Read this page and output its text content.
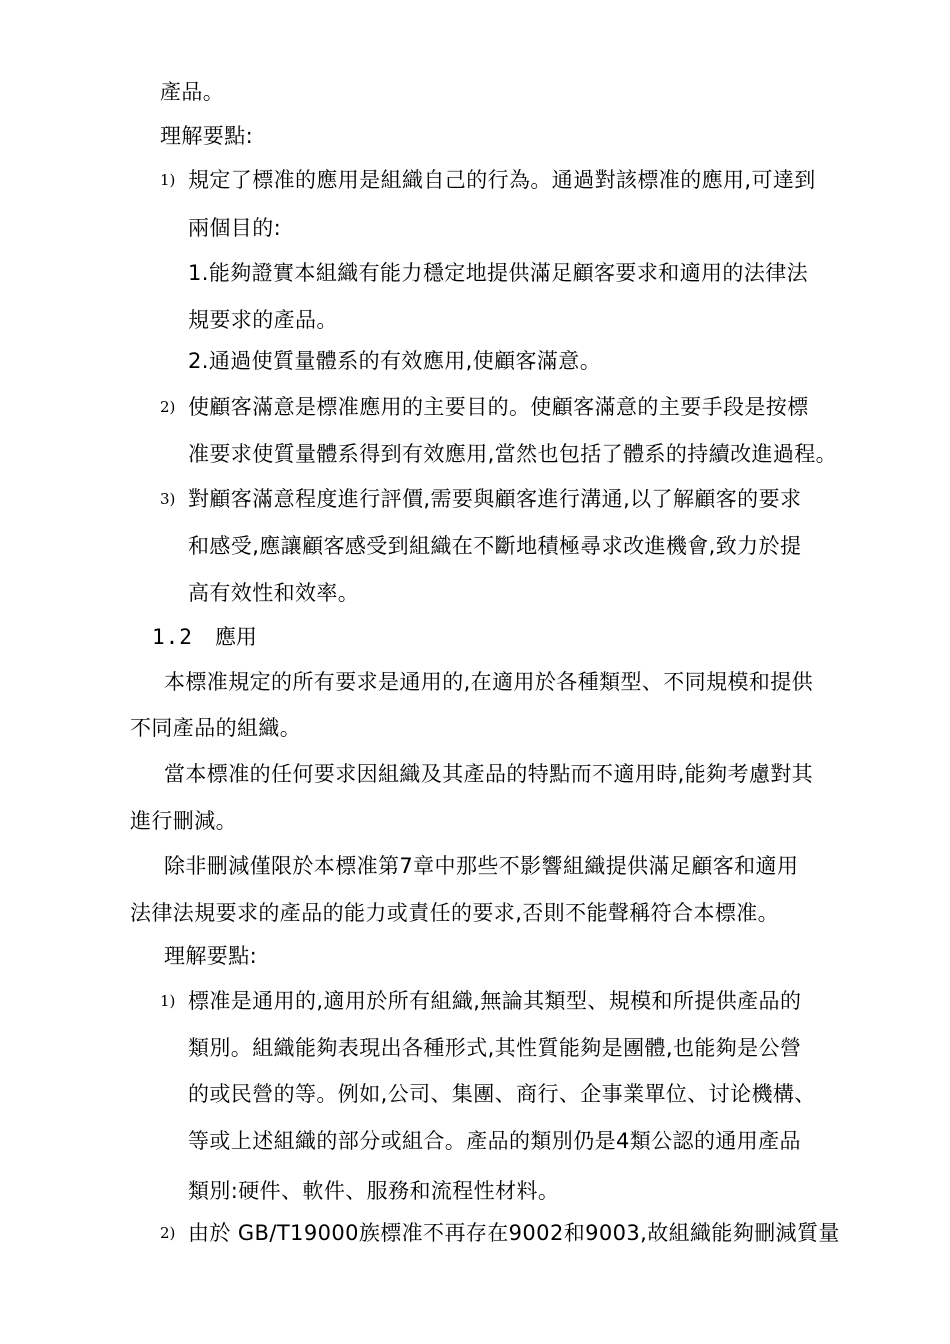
產品。
理解要點:
1) 規定了標准的應用是組織自己的行為。通過對該標准的應用,可達到
兩個目的:
1.能夠證實本組織有能力穩定地提供滿足顧客要求和適用的法律法
規要求的產品。
2.通過使質量體系的有效應用,使顧客滿意。
2) 使顧客滿意是標准應用的主要目的。使顧客滿意的主要手段是按標
准要求使質量體系得到有效應用,當然也包括了體系的持續改進過程。
3) 對顧客滿意程度進行評價,需要與顧客進行溝通,以了解顧客的要求
和感受,應讓顧客感受到組織在不斷地積極尋求改進機會,致力於提
高有效性和效率。
1.2 應用
本標准規定的所有要求是通用的,在適用於各種類型、不同規模和提供
不同產品的組織。
當本標准的任何要求因組織及其產品的特點而不適用時,能夠考慮對其
進行刪減。
除非刪減僅限於本標准第7章中那些不影響組織提供滿足顧客和適用
法律法規要求的產品的能力或責任的要求,否則不能聲稱符合本標准。
理解要點:
1) 標准是通用的,適用於所有組織,無論其類型、規模和所提供產品的
類別。組織能夠表現出各種形式,其性質能夠是團體,也能夠是公營
的或民營的等。例如,公司、集團、商行、企事業單位、讨论機構、
等或上述組織的部分或組合。產品的類別仍是4類公認的通用產品
類別:硬件、軟件、服務和流程性材料。
2) 由於 GB/T19000族標准不再存在9002和9003,故組織能夠刪減質量
